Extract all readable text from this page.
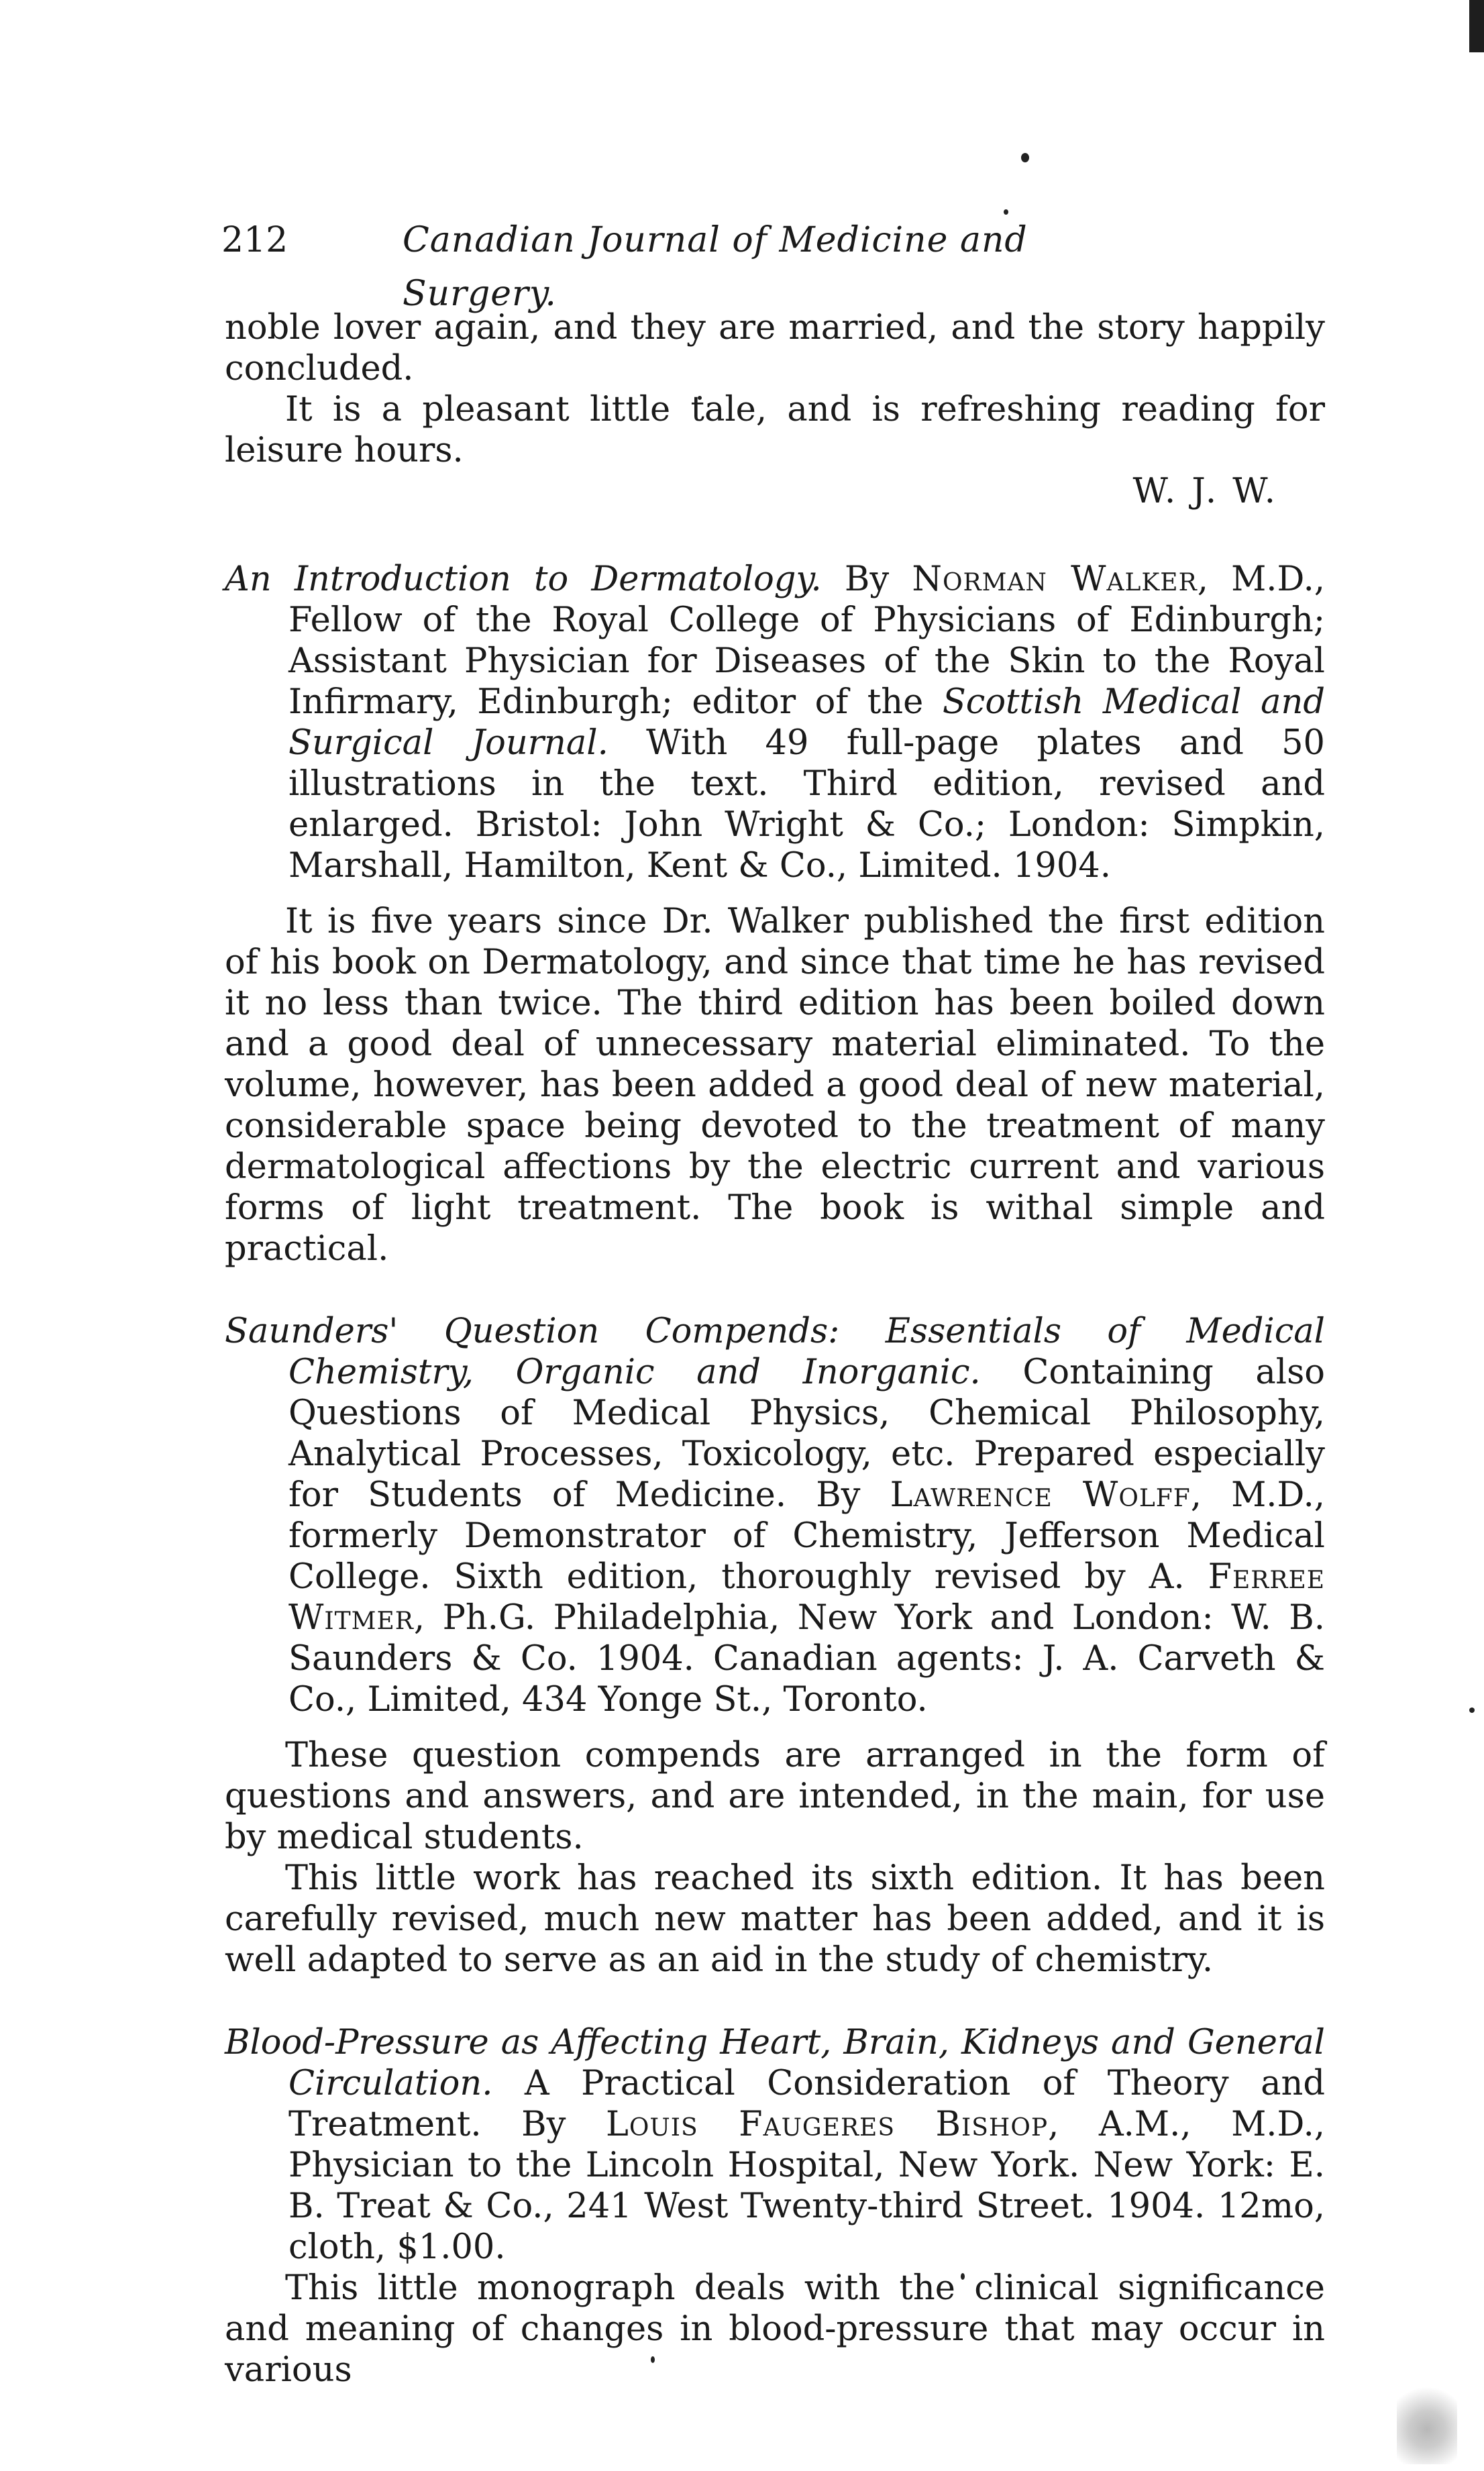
212	Canadian Journal of Medicine and Surgery.

noble lover again, and they are married, and the story happily concluded.

It is a pleasant little tale, and is refreshing reading for leisure hours.

W. J. W.

An Introduction to Dermatology. By Norman Walker, M.D., Fellow of the Royal College of Physicians of Edinburgh; Assistant Physician for Diseases of the Skin to the Royal Infirmary, Edinburgh; editor of the Scottish Medical and Surgical Journal. With 49 full-page plates and 50 illustrations in the text. Third edition, revised and enlarged. Bristol: John Wright & Co.; London: Simpkin, Marshall, Hamilton, Kent & Co., Limited. 1904.

It is five years since Dr. Walker published the first edition of his book on Dermatology, and since that time he has revised it no less than twice. The third edition has been boiled down and a good deal of unnecessary material eliminated. To the volume, however, has been added a good deal of new material, considerable space being devoted to the treatment of many dermatological affections by the electric current and various forms of light treatment. The book is withal simple and practical.

Saunders' Question Compends: Essentials of Medical Chemistry, Organic and Inorganic. Containing also Questions of Medical Physics, Chemical Philosophy, Analytical Processes, Toxicology, etc. Prepared especially for Students of Medicine. By Lawrence Wolff, M.D., formerly Demonstrator of Chemistry, Jefferson Medical College. Sixth edition, thoroughly revised by A. Ferree Witmer, Ph.G. Philadelphia, New York and London: W. B. Saunders & Co. 1904. Canadian agents: J. A. Carveth & Co., Limited, 434 Yonge St., Toronto.

These question compends are arranged in the form of questions and answers, and are intended, in the main, for use by medical students.

This little work has reached its sixth edition. It has been carefully revised, much new matter has been added, and it is well adapted to serve as an aid in the study of chemistry.

Blood-Pressure as Affecting Heart, Brain, Kidneys and General Circulation. A Practical Consideration of Theory and Treatment. By Louis Faugeres Bishop, A.M., M.D., Physician to the Lincoln Hospital, New York. New York: E. B. Treat & Co., 241 West Twenty-third Street. 1904. 12mo, cloth, $1.00.

This little monograph deals with the clinical significance and meaning of changes in blood-pressure that may occur in various
